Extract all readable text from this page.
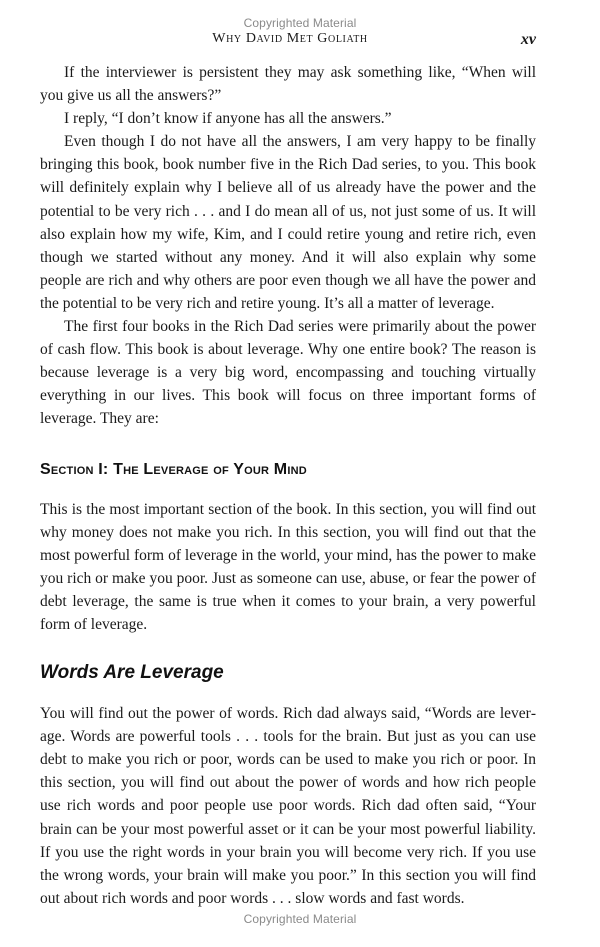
Copyrighted Material
Why David Met Goliath	xv

If the interviewer is persistent they may ask something like, “When will you give us all the answers?”

I reply, “I don’t know if anyone has all the answers.”

Even though I do not have all the answers, I am very happy to be finally bringing this book, book number five in the Rich Dad series, to you. This book will definitely explain why I believe all of us already have the power and the potential to be very rich . . . and I do mean all of us, not just some of us. It will also explain how my wife, Kim, and I could retire young and retire rich, even though we started without any money. And it will also explain why some people are rich and why others are poor even though we all have the power and the potential to be very rich and retire young. It’s all a matter of leverage.

The first four books in the Rich Dad series were primarily about the power of cash flow. This book is about leverage. Why one entire book? The reason is because leverage is a very big word, encompassing and touching virtually everything in our lives. This book will focus on three important forms of leverage. They are:

Section I: The Leverage of Your Mind

This is the most important section of the book. In this section, you will find out why money does not make you rich. In this section, you will find out that the most powerful form of leverage in the world, your mind, has the power to make you rich or make you poor. Just as someone can use, abuse, or fear the power of debt leverage, the same is true when it comes to your brain, a very powerful form of leverage.

Words Are Leverage

You will find out the power of words. Rich dad always said, “Words are leverage. Words are powerful tools . . . tools for the brain. But just as you can use debt to make you rich or poor, words can be used to make you rich or poor. In this section, you will find out about the power of words and how rich people use rich words and poor people use poor words. Rich dad often said, “Your brain can be your most powerful asset or it can be your most powerful liability. If you use the right words in your brain you will become very rich. If you use the wrong words, your brain will make you poor.” In this section you will find out about rich words and poor words . . . slow words and fast words.

Copyrighted Material
